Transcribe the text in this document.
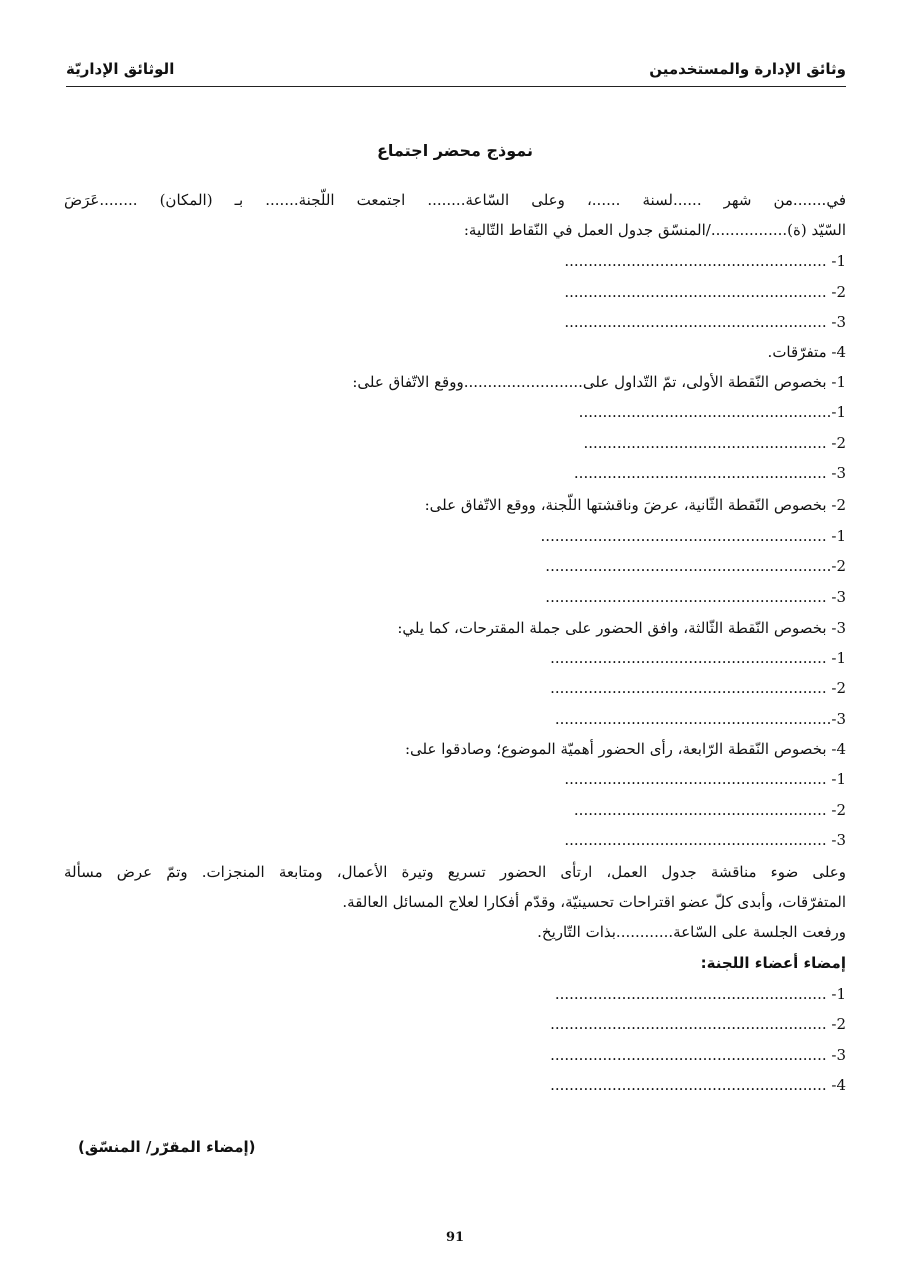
وثائق الإدارة والمستخدمين
الوثائق الإداريّة
نموذج محضر اجتماع
في.......من شهر ......لسنة ......، وعلى السّاعة........ اجتمعت اللّجنة....... بـ (المكان) ........عَرَضَ
السّيّد (ة)................/المنسّق جدول العمل في النّقاط التّالية:
1- .......................................................
2- .......................................................
3- .......................................................
4- متفرّقات.
1- بخصوص النّقطة الأولى، تمّ التّداول على.........................ووقع الاتّفاق على:
1-.....................................................
2- ...................................................
3- .....................................................
2- بخصوص النّقطة الثّانية، عرضَ وناقشتها اللّجنة، ووقع الاتّفاق على:
1- ............................................................
2-............................................................
3- ...........................................................
3- بخصوص النّقطة الثّالثة، وافق الحضور على جملة المقترحات، كما يلي:
1- ..........................................................
2- ..........................................................
3-..........................................................
4- بخصوص النّقطة الرّابعة، رأى الحضور أهميّة الموضوع؛ وصادقوا على:
1- .......................................................
2- .....................................................
3- .......................................................
وعلى ضوء مناقشة جدول العمل، ارتأى الحضور تسريع وتيرة الأعمال، ومتابعة المنجزات. وتمّ عرض مسألة
المتفرّقات، وأبدى كلّ عضو اقتراحات تحسينيّة، وقدّم أفكارا لعلاج المسائل العالقة.
ورفعت الجلسة على السّاعة............بذات التّاريخ.
إمضاء أعضاء اللجنة:
1- .........................................................
2- ..........................................................
3- ..........................................................
4- ..........................................................
(إمضاء المقرّر/ المنسّق)
91
